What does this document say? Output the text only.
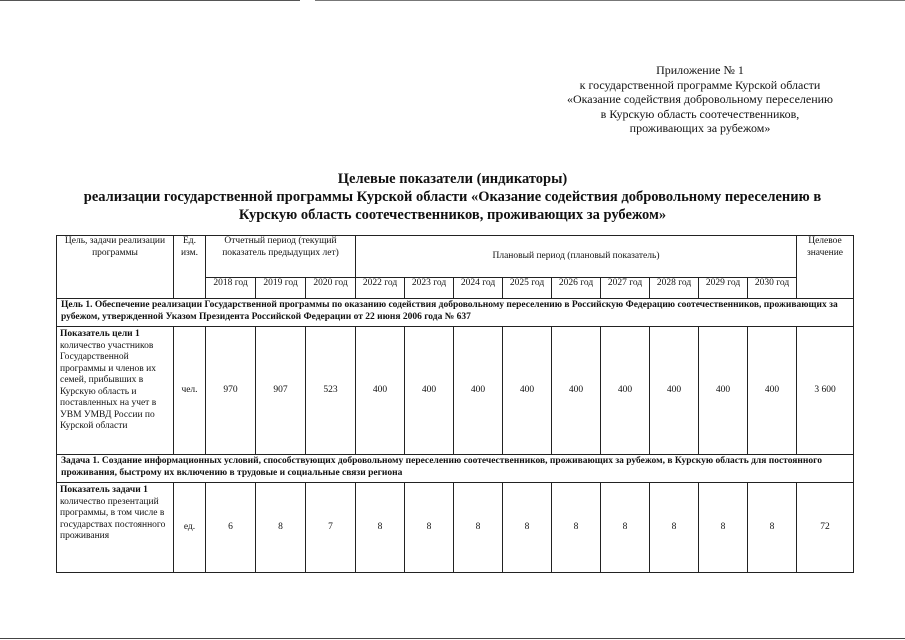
Приложение № 1
к государственной программе Курской области
«Оказание содействия добровольному переселению
в Курскую область соотечественников,
проживающих за рубежом»
Целевые показатели (индикаторы)
реализации государственной программы Курской области «Оказание содействия добровольному переселению в
Курскую область соотечественников, проживающих за рубежом»
Цель, задачи реализации программы	Ед. изм.	Отчетный период (текущий показатель предыдущих лет)			Плановый период (плановый показатель)									Целевое значение
		2018 год	2019 год	2020 год	2022 год	2023 год	2024 год	2025 год	2026 год	2027 год	2028 год	2029 год	2030 год	
Цель 1. Обеспечение реализации Государственной программы по оказанию содействия добровольному переселению в Российскую Федерацию соотечественников, проживающих за рубежом, утвержденной Указом Президента Российской Федерации от 22 июня 2006 года № 637														

Показатель цели 1
количество участников Государственной программы и членов их семей, прибывших в Курскую область и поставленных на учет в УВМ УМВД России по Курской области	чел.	970	907	523	400	400	400	400	400	400	400	400	400	3 600
Задача 1. Создание информационных условий, способствующих добровольному переселению соотечественников, проживающих за рубежом, в Курскую область для постоянного проживания, быстрому их включению в трудовые и социальные связи региона														

Показатель задачи 1
количество презентаций программы, в том числе в государствах постоянного проживания	ед.	6	8	7	8	8	8	8	8	8	8	8	8	72
